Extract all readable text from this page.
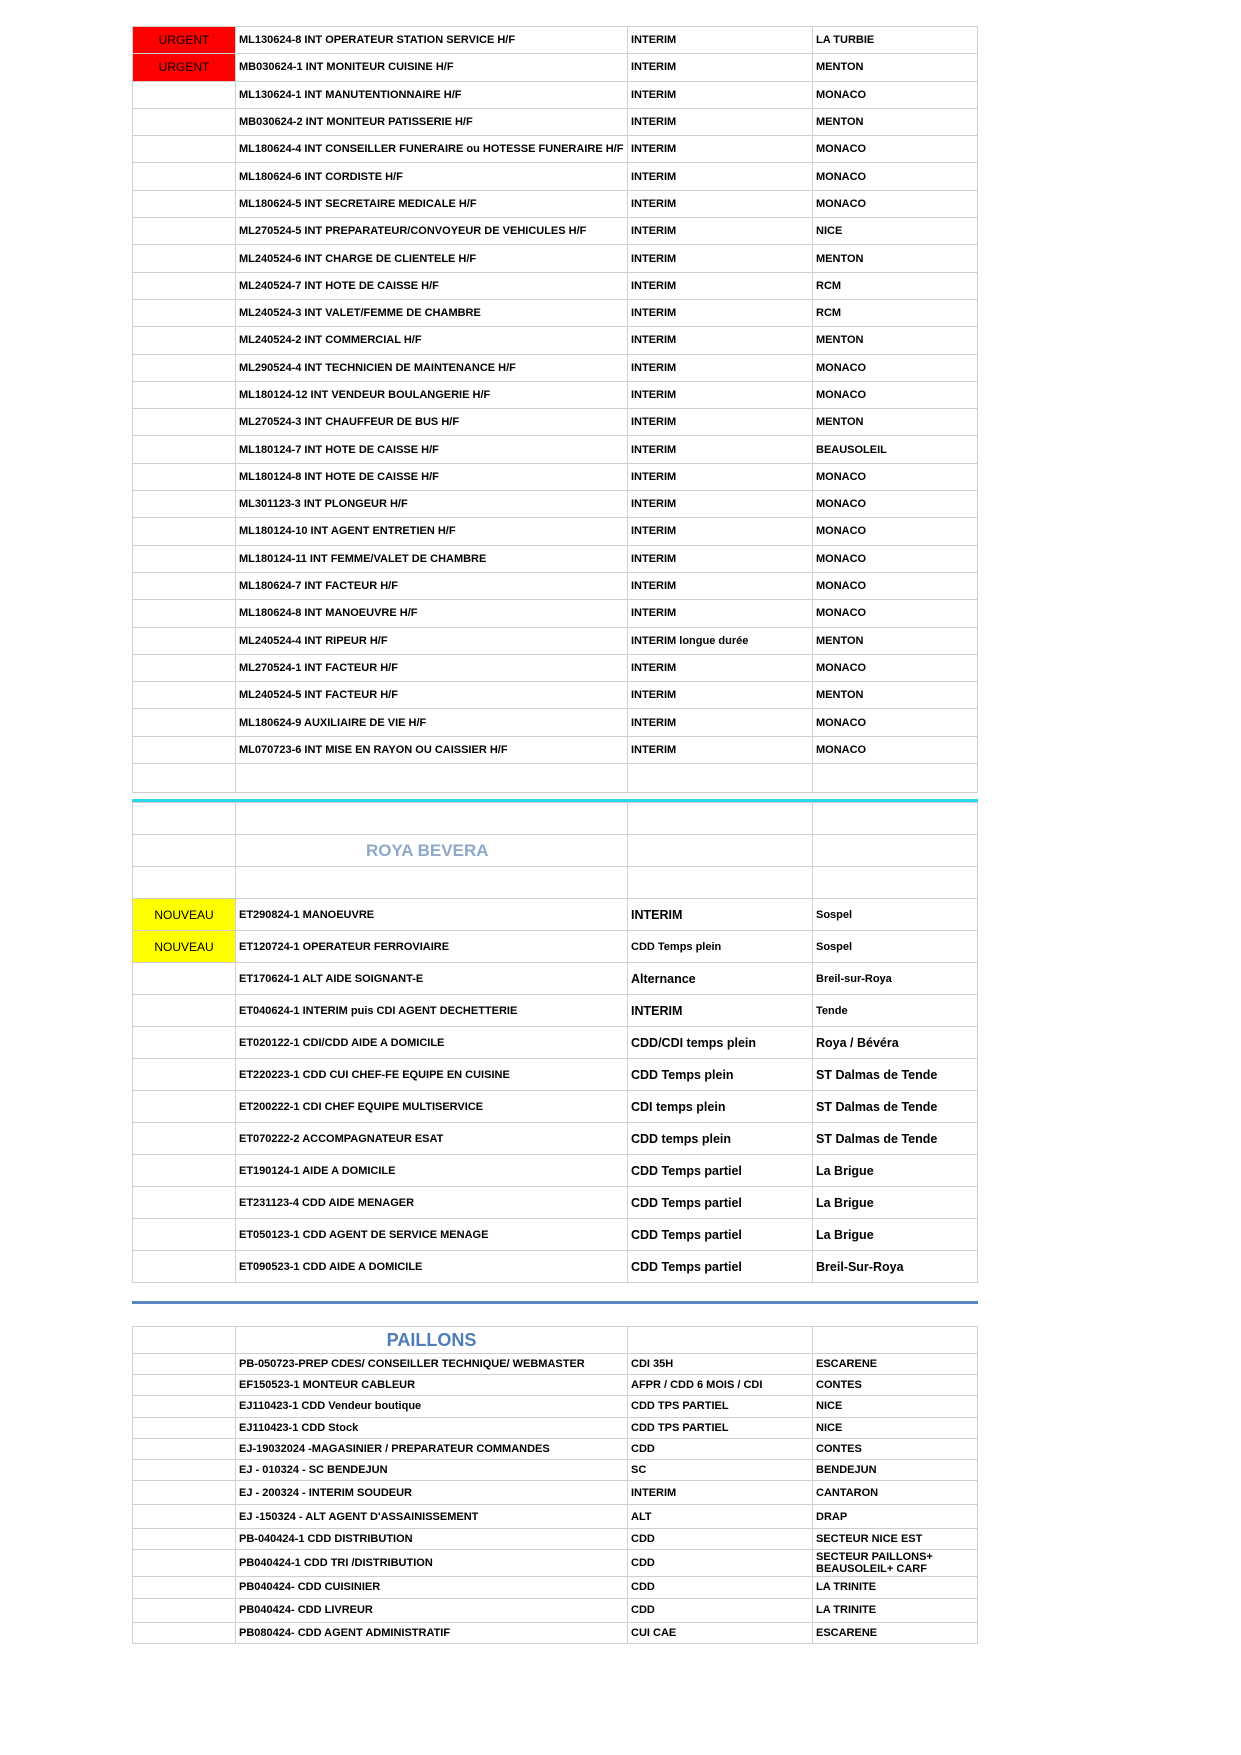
URGENT	ML130624-8 INT OPERATEUR STATION SERVICE H/F	INTERIM	LA TURBIE
URGENT	MB030624-1 INT MONITEUR CUISINE H/F	INTERIM	MENTON
	ML130624-1 INT MANUTENTIONNAIRE H/F	INTERIM	MONACO
	MB030624-2 INT MONITEUR PATISSERIE H/F	INTERIM	MENTON
	ML180624-4 INT CONSEILLER FUNERAIRE ou HOTESSE FUNERAIRE H/F	INTERIM	MONACO
	ML180624-6 INT CORDISTE H/F	INTERIM	MONACO
	ML180624-5 INT SECRETAIRE MEDICALE H/F	INTERIM	MONACO
	ML270524-5 INT PREPARATEUR/CONVOYEUR DE VEHICULES H/F	INTERIM	NICE
	ML240524-6 INT CHARGE DE CLIENTELE H/F	INTERIM	MENTON
	ML240524-7 INT HOTE DE CAISSE H/F	INTERIM	RCM
	ML240524-3 INT VALET/FEMME DE CHAMBRE	INTERIM	RCM
	ML240524-2 INT COMMERCIAL H/F	INTERIM	MENTON
	ML290524-4 INT TECHNICIEN DE MAINTENANCE H/F	INTERIM	MONACO
	ML180124-12 INT VENDEUR BOULANGERIE H/F	INTERIM	MONACO
	ML270524-3 INT CHAUFFEUR DE BUS H/F	INTERIM	MENTON
	ML180124-7 INT HOTE DE CAISSE H/F	INTERIM	BEAUSOLEIL
	ML180124-8 INT HOTE DE CAISSE H/F	INTERIM	MONACO
	ML301123-3 INT PLONGEUR H/F	INTERIM	MONACO
	ML180124-10 INT AGENT ENTRETIEN H/F	INTERIM	MONACO
	ML180124-11 INT FEMME/VALET DE CHAMBRE	INTERIM	MONACO
	ML180624-7 INT FACTEUR H/F	INTERIM	MONACO
	ML180624-8 INT MANOEUVRE H/F	INTERIM	MONACO
	ML240524-4 INT RIPEUR H/F	INTERIM longue durée	MENTON
	ML270524-1 INT FACTEUR H/F	INTERIM	MONACO
	ML240524-5 INT FACTEUR H/F	INTERIM	MENTON
	ML180624-9 AUXILIAIRE DE VIE H/F	INTERIM	MONACO
	ML070723-6 INT MISE EN RAYON OU CAISSIER H/F	INTERIM	MONACO

	ROYA BEVERA		

NOUVEAU	ET290824-1 MANOEUVRE	INTERIM	Sospel
NOUVEAU	ET120724-1 OPERATEUR FERROVIAIRE	CDD Temps plein	Sospel
	ET170624-1 ALT AIDE SOIGNANT-E	Alternance	Breil-sur-Roya
	ET040624-1 INTERIM puis CDI AGENT DECHETTERIE	INTERIM	Tende
	ET020122-1 CDI/CDD AIDE A DOMICILE	CDD/CDI temps plein	Roya / Bévéra
	ET220223-1 CDD CUI CHEF-FE EQUIPE EN CUISINE	CDD Temps plein	ST Dalmas de Tende
	ET200222-1 CDI CHEF EQUIPE MULTISERVICE	CDI temps plein	ST Dalmas de Tende
	ET070222-2 ACCOMPAGNATEUR ESAT	CDD temps plein	ST Dalmas de Tende
	ET190124-1 AIDE A DOMICILE	CDD Temps partiel	La Brigue
	ET231123-4 CDD AIDE MENAGER	CDD Temps partiel	La Brigue
	ET050123-1 CDD AGENT DE SERVICE MENAGE	CDD Temps partiel	La Brigue
	ET090523-1 CDD AIDE A DOMICILE	CDD Temps partiel	Breil-Sur-Roya
	PAILLONS		
	PB-050723-PREP CDES/ CONSEILLER TECHNIQUE/ WEBMASTER	CDI 35H	ESCARENE
	EF150523-1 MONTEUR CABLEUR	AFPR / CDD 6 MOIS / CDI	CONTES
	EJ110423-1 CDD Vendeur boutique	CDD TPS PARTIEL	NICE
	EJ110423-1 CDD Stock	CDD TPS PARTIEL	NICE
	EJ-19032024 -MAGASINIER / PREPARATEUR COMMANDES	CDD	CONTES
	EJ - 010324 - SC BENDEJUN	SC	BENDEJUN
	EJ - 200324 - INTERIM SOUDEUR	INTERIM	CANTARON
	EJ -150324 - ALT AGENT D'ASSAINISSEMENT	ALT	DRAP
	PB-040424-1 CDD DISTRIBUTION	CDD	SECTEUR NICE EST
	PB040424-1 CDD TRI /DISTRIBUTION	CDD	SECTEUR PAILLONS+ BEAUSOLEIL+ CARF
	PB040424- CDD CUISINIER	CDD	LA TRINITE
	PB040424- CDD LIVREUR	CDD	LA TRINITE
	PB080424- CDD AGENT ADMINISTRATIF	CUI CAE	ESCARENE
